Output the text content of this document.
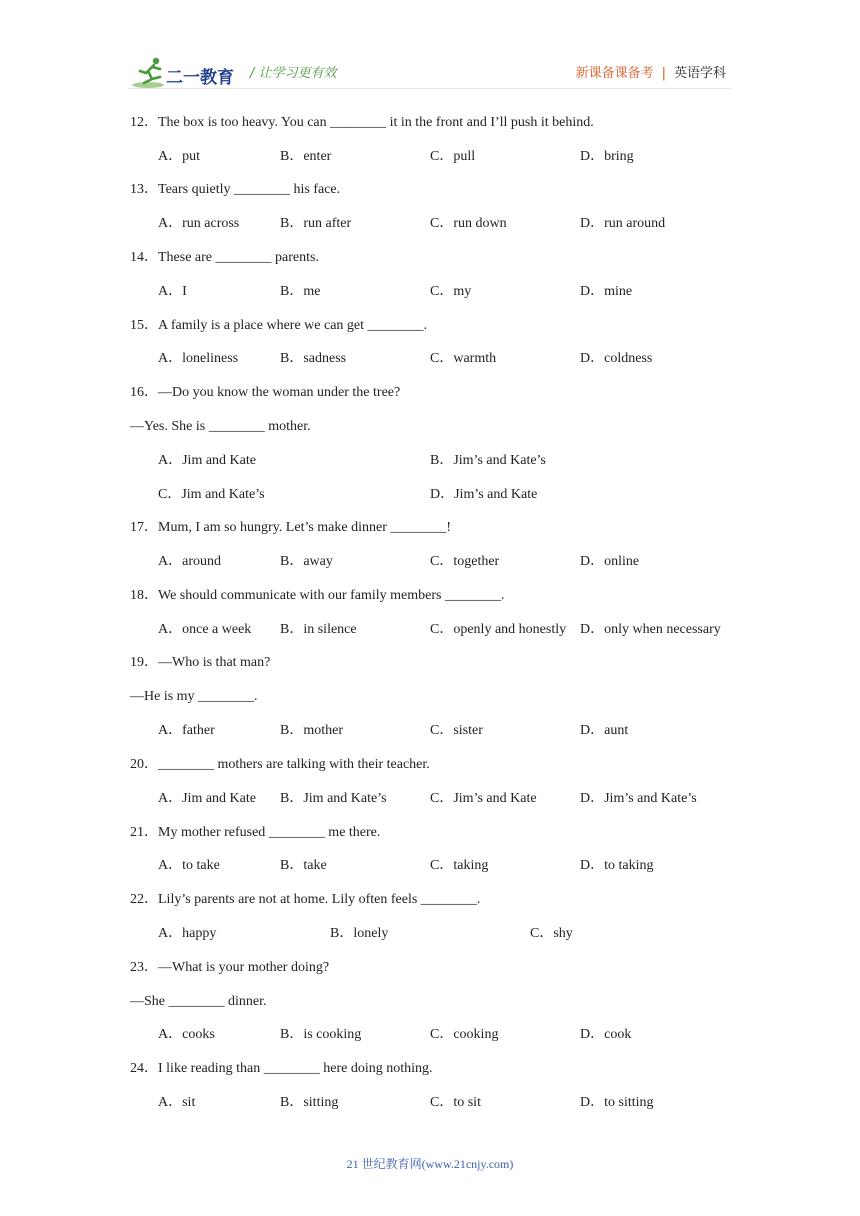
二一教育 / 让学习更有效	新课备课备考 | 英语学科
12．The box is too heavy. You can ________ it in the front and I’ll push it behind.
A．put	B．enter	C．pull	D．bring
13．Tears quietly ________ his face.
A．run across	B．run after	C．run down	D．run around
14．These are ________ parents.
A．I	B．me	C．my	D．mine
15．A family is a place where we can get ________.
A．loneliness	B．sadness	C．warmth	D．coldness
16．—Do you know the woman under the tree?
—Yes. She is ________ mother.
A．Jim and Kate	B．Jim’s and Kate’s
C．Jim and Kate’s	D．Jim’s and Kate
17．Mum, I am so hungry. Let’s make dinner ________!
A．around	B．away	C．together	D．online
18．We should communicate with our family members ________.
A．once a week B．in silence	C．openly and honestly D．only when necessary
19．—Who is that man?
—He is my ________.
A．father	B．mother	C．sister	D．aunt
20．________ mothers are talking with their teacher.
A．Jim and Kate B．Jim and Kate’s	C．Jim’s and Kate	D．Jim’s and Kate’s
21．My mother refused ________ me there.
A．to take	B．take	C．taking	D．to taking
22．Lily’s parents are not at home. Lily often feels ________.
A．happy	B．lonely	C．shy
23．—What is your mother doing?
—She ________ dinner.
A．cooks	B．is cooking	C．cooking	D．cook
24．I like reading than ________ here doing nothing.
A．sit	B．sitting	C．to sit	D．to sitting
21 世纪教育网(www.21cnjy.com)
